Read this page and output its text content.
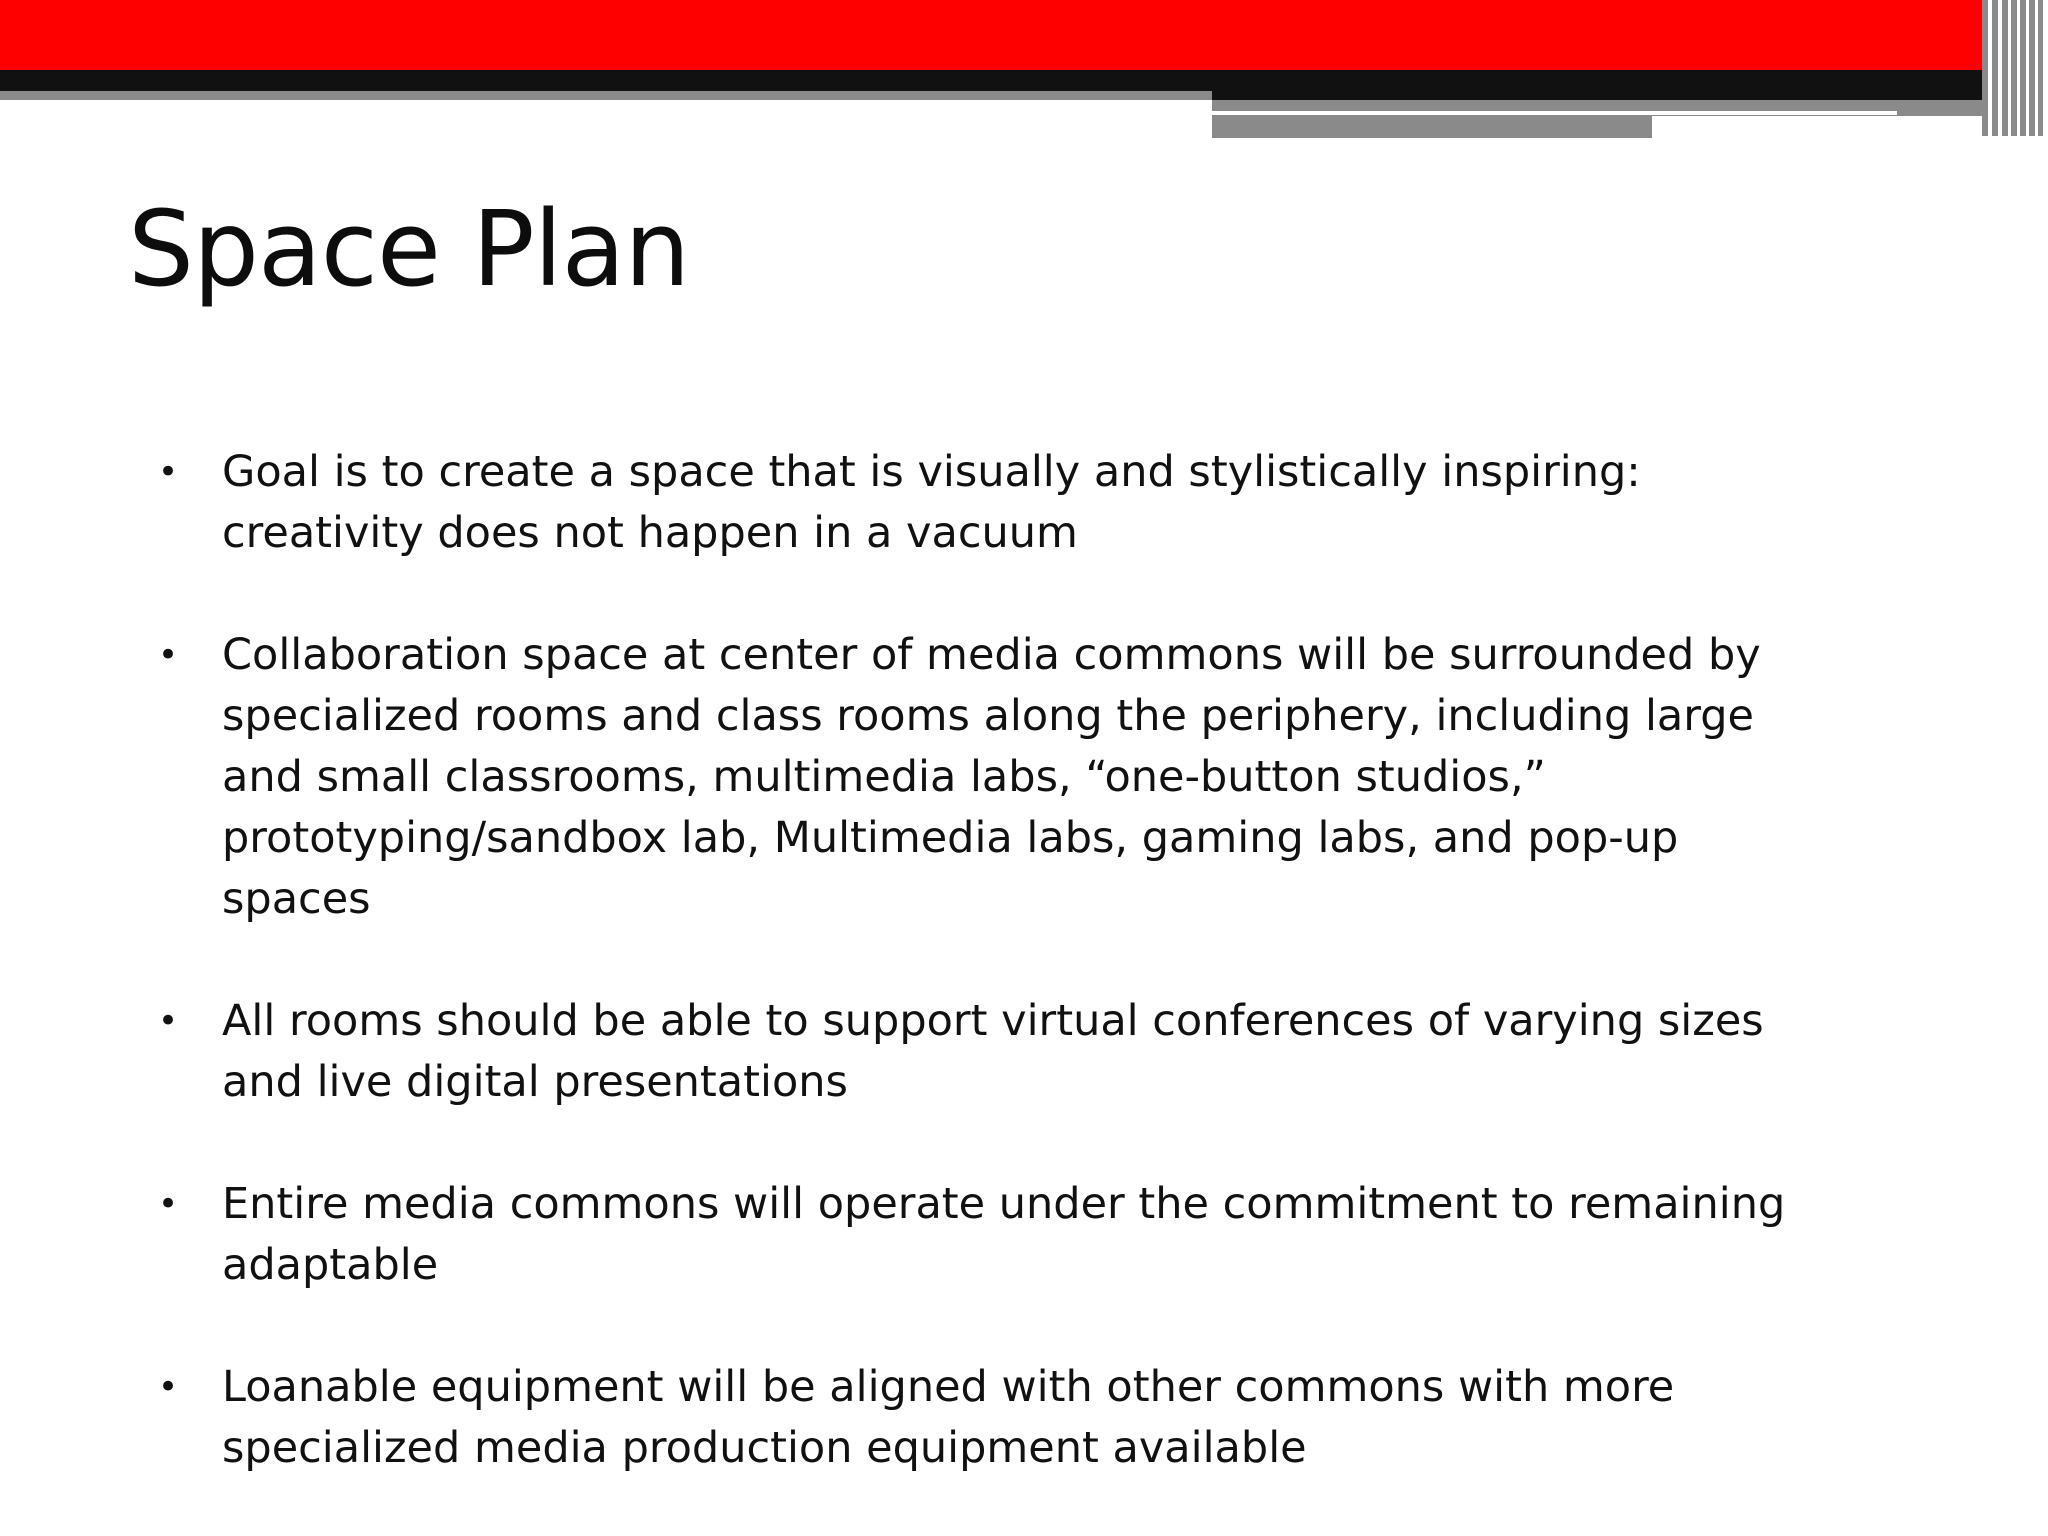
Space Plan
• Goal is to create a space that is visually and stylistically inspiring: creativity does not happen in a vacuum
• Collaboration space at center of media commons will be surrounded by specialized rooms and class rooms along the periphery, including large and small classrooms, multimedia labs, “one-button studios,” prototyping/sandbox lab, Multimedia labs, gaming labs, and pop-up spaces
• All rooms should be able to support virtual conferences of varying sizes and live digital presentations
• Entire media commons will operate under the commitment to remaining adaptable
• Loanable equipment will be aligned with other commons with more specialized media production equipment available
